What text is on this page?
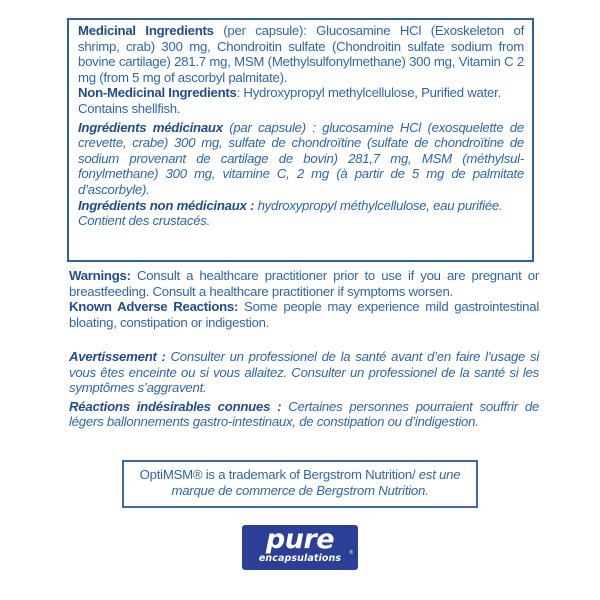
Medicinal Ingredients (per capsule): Glucosamine HCl (Exoskeleton of shrimp, crab) 300 mg, Chondroitin sulfate (Chondroitin sulfate sodium from bovine cartilage) 281.7 mg, MSM (Methylsulfonylmethane) 300 mg, Vitamin C 2 mg (from 5 mg of ascorbyl palmitate).

Non-Medicinal Ingredients: Hydroxypropyl methylcellulose, Purified water.

Contains shellfish.

Ingrédients médicinaux (par capsule) : glucosamine HCl (exosquelette de crevette, crabe) 300 mg, sulfate de chondroïtine (sulfate de chondroïtine de sodium provenant de cartilage de bovin) 281,7 mg, MSM (méthylsul-fonylmethane) 300 mg, vitamine C, 2 mg (à partir de 5 mg de palmitate d’ascorbyle).

Ingrédients non médicinaux : hydroxypropyl méthylcellulose, eau purifiée.

Contient des crustacés.

Warnings: Consult a healthcare practitioner prior to use if you are pregnant or breastfeeding. Consult a healthcare practitioner if symptoms worsen.

Known Adverse Reactions: Some people may experience mild gastrointestinal bloating, constipation or indigestion.

Avertissement : Consulter un professionel de la santé avant d’en faire l’usage si vous êtes enceinte ou si vous allaitez. Consulter un professionel de la santé si les symptômes s’aggravent.

Réactions indésirables connues : Certaines personnes pourraient souffrir de légers ballonnements gastro-intestinaux, de constipation ou d’indigestion.

OptiMSM® is a trademark of Bergstrom Nutrition/ est une marque de commerce de Bergstrom Nutrition.

pure
encapsulations	®
